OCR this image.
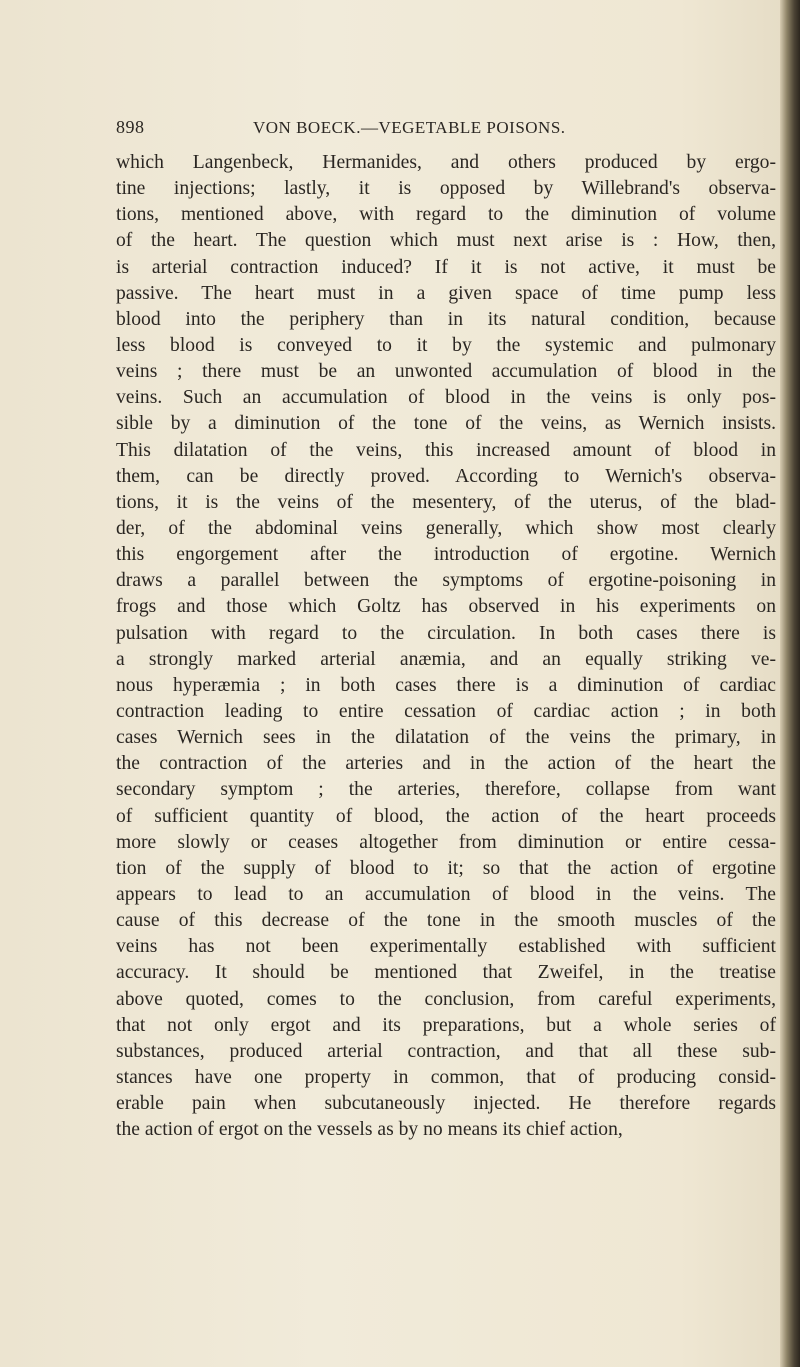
898	VON BOECK.—VEGETABLE POISONS.
which Langenbeck, Hermanides, and others produced by ergo-
tine injections; lastly, it is opposed by Willebrand's observa-
tions, mentioned above, with regard to the diminution of volume
of the heart. The question which must next arise is : How, then,
is arterial contraction induced? If it is not active, it must be
passive. The heart must in a given space of time pump less
blood into the periphery than in its natural condition, because
less blood is conveyed to it by the systemic and pulmonary
veins ; there must be an unwonted accumulation of blood in the
veins. Such an accumulation of blood in the veins is only pos-
sible by a diminution of the tone of the veins, as Wernich insists.
This dilatation of the veins, this increased amount of blood in
them, can be directly proved. According to Wernich's observa-
tions, it is the veins of the mesentery, of the uterus, of the blad-
der, of the abdominal veins generally, which show most clearly
this engorgement after the introduction of ergotine. Wernich
draws a parallel between the symptoms of ergotine-poisoning in
frogs and those which Goltz has observed in his experiments on
pulsation with regard to the circulation. In both cases there is
a strongly marked arterial anæmia, and an equally striking ve-
nous hyperæmia ; in both cases there is a diminution of cardiac
contraction leading to entire cessation of cardiac action ; in both
cases Wernich sees in the dilatation of the veins the primary, in
the contraction of the arteries and in the action of the heart the
secondary symptom ; the arteries, therefore, collapse from want
of sufficient quantity of blood, the action of the heart proceeds
more slowly or ceases altogether from diminution or entire cessa-
tion of the supply of blood to it; so that the action of ergotine
appears to lead to an accumulation of blood in the veins. The
cause of this decrease of the tone in the smooth muscles of the
veins has not been experimentally established with sufficient
accuracy. It should be mentioned that Zweifel, in the treatise
above quoted, comes to the conclusion, from careful experiments,
that not only ergot and its preparations, but a whole series of
substances, produced arterial contraction, and that all these sub-
stances have one property in common, that of producing consid-
erable pain when subcutaneously injected. He therefore regards
the action of ergot on the vessels as by no means its chief action,
